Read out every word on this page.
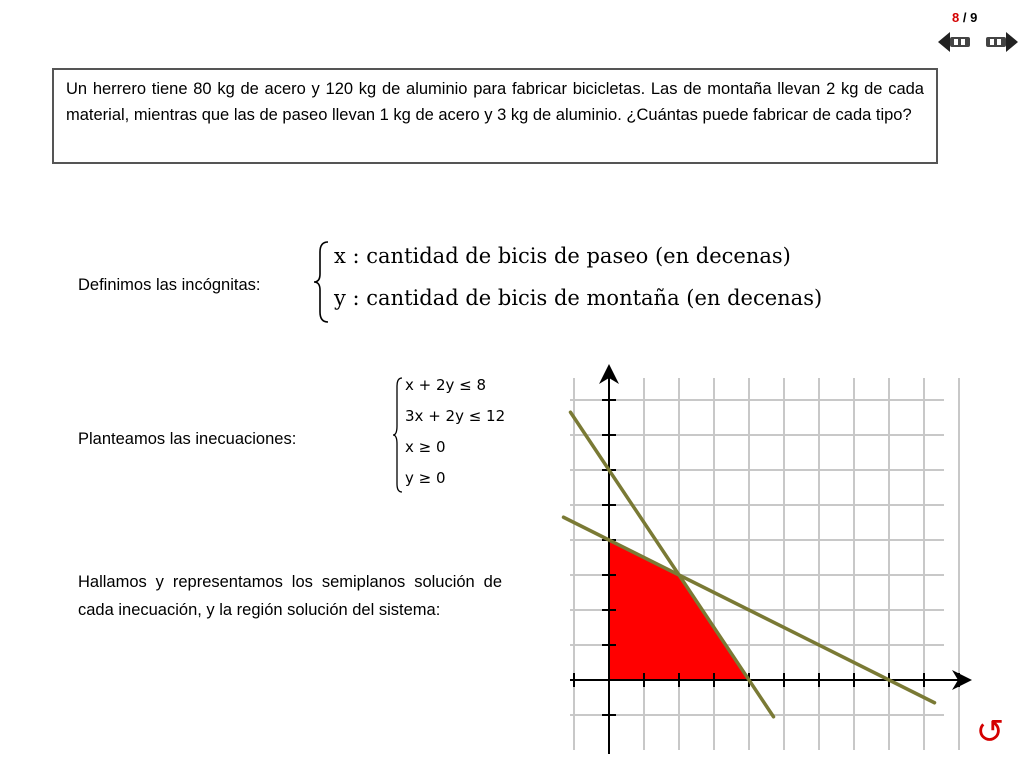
8 / 9
Un herrero tiene 80 kg de acero y 120 kg de aluminio para fabricar bicicletas. Las de montaña llevan 2 kg de cada material, mientras que las de paseo llevan 1 kg de acero y 3 kg de aluminio. ¿Cuántas puede fabricar de cada tipo?
Definimos las incógnitas:
x : cantidad de bicis de paseo (en decenas)
y : cantidad de bicis de montaña (en decenas)
Planteamos las inecuaciones:
x + 2y ≤ 8
3x + 2y ≤ 12
x ≥ 0
y ≥ 0
Hallamos y representamos los semiplanos solución de cada inecuación, y la región solución del sistema:
↺
